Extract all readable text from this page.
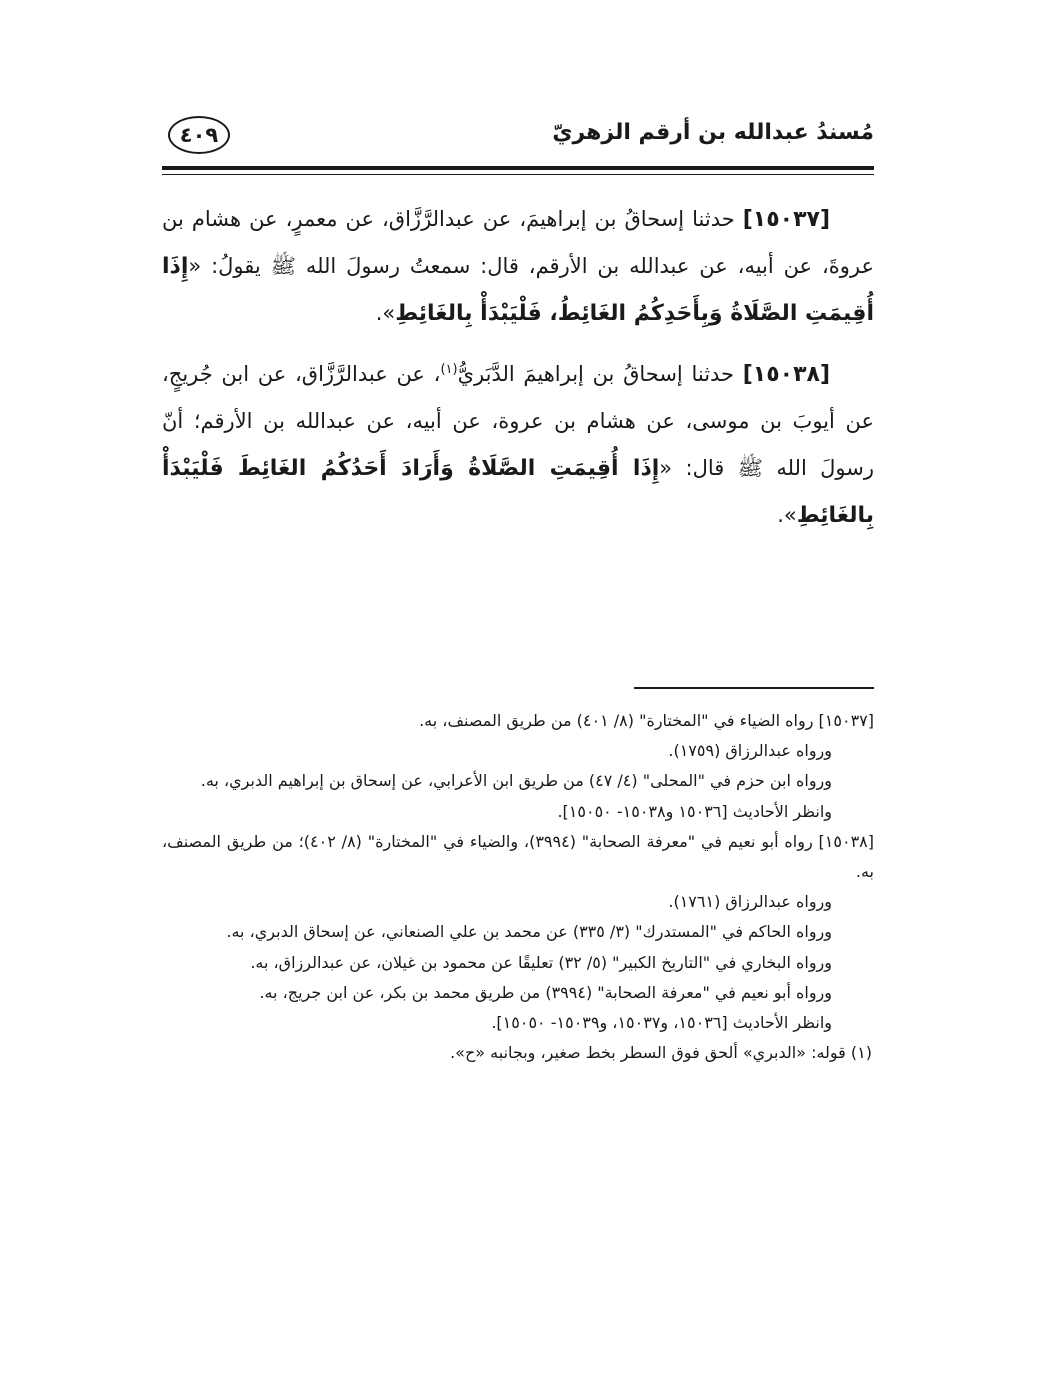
مُسندُ عبدالله بن أرقم الزهريّ
٤٠٩

[١٥٠٣٧] حدثنا إسحاقُ بن إبراهيمَ، عن عبدالرَّزَّاق، عن معمرٍ، عن هشام بن عروةَ، عن أبيه، عن عبدالله بن الأرقم، قال: سمعتُ رسولَ الله ﷺ يقولُ: «إِذَا أُقِيمَتِ الصَّلَاةُ وَبِأَحَدِكُمُ الغَائِطُ، فَلْيَبْدَأْ بِالغَائِطِ».

[١٥٠٣٨] حدثنا إسحاقُ بن إبراهيمَ الدَّبَريُّ$^{(١)}$، عن عبدالرَّزَّاق، عن ابن جُريجٍ، عن أيوبَ بن موسى، عن هشام بن عروة، عن أبيه، عن عبدالله بن الأرقم؛ أنّ رسولَ الله ﷺ قال: «إِذَا أُقِيمَتِ الصَّلَاةُ وَأَرَادَ أَحَدُكُمُ الغَائِطَ فَلْيَبْدَأْ بِالغَائِطِ».

[١٥٠٣٧] رواه الضياء في "المختارة" (٨/ ٤٠١) من طريق المصنف، به.

ورواه عبدالرزاق (١٧٥٩).

ورواه ابن حزم في "المحلى" (٤/ ٤٧) من طريق ابن الأعرابي، عن إسحاق بن إبراهيم الدبري، به.

وانظر الأحاديث [١٥٠٣٦ و١٥٠٣٨- ١٥٠٥٠].

[١٥٠٣٨] رواه أبو نعيم في "معرفة الصحابة" (٣٩٩٤)، والضياء في "المختارة" (٨/ ٤٠٢)؛ من طريق المصنف، به.

ورواه عبدالرزاق (١٧٦١).

ورواه الحاكم في "المستدرك" (٣/ ٣٣٥) عن محمد بن علي الصنعاني، عن إسحاق الدبري، به.

ورواه البخاري في "التاريخ الكبير" (٥/ ٣٢) تعليقًا عن محمود بن غيلان، عن عبدالرزاق، به.

ورواه أبو نعيم في "معرفة الصحابة" (٣٩٩٤) من طريق محمد بن بكر، عن ابن جريج، به.

وانظر الأحاديث [١٥٠٣٦، و١٥٠٣٧، و١٥٠٣٩- ١٥٠٥٠].

(١) قوله: «الدبري» ألحق فوق السطر بخط صغير، وبجانبه «ح».
